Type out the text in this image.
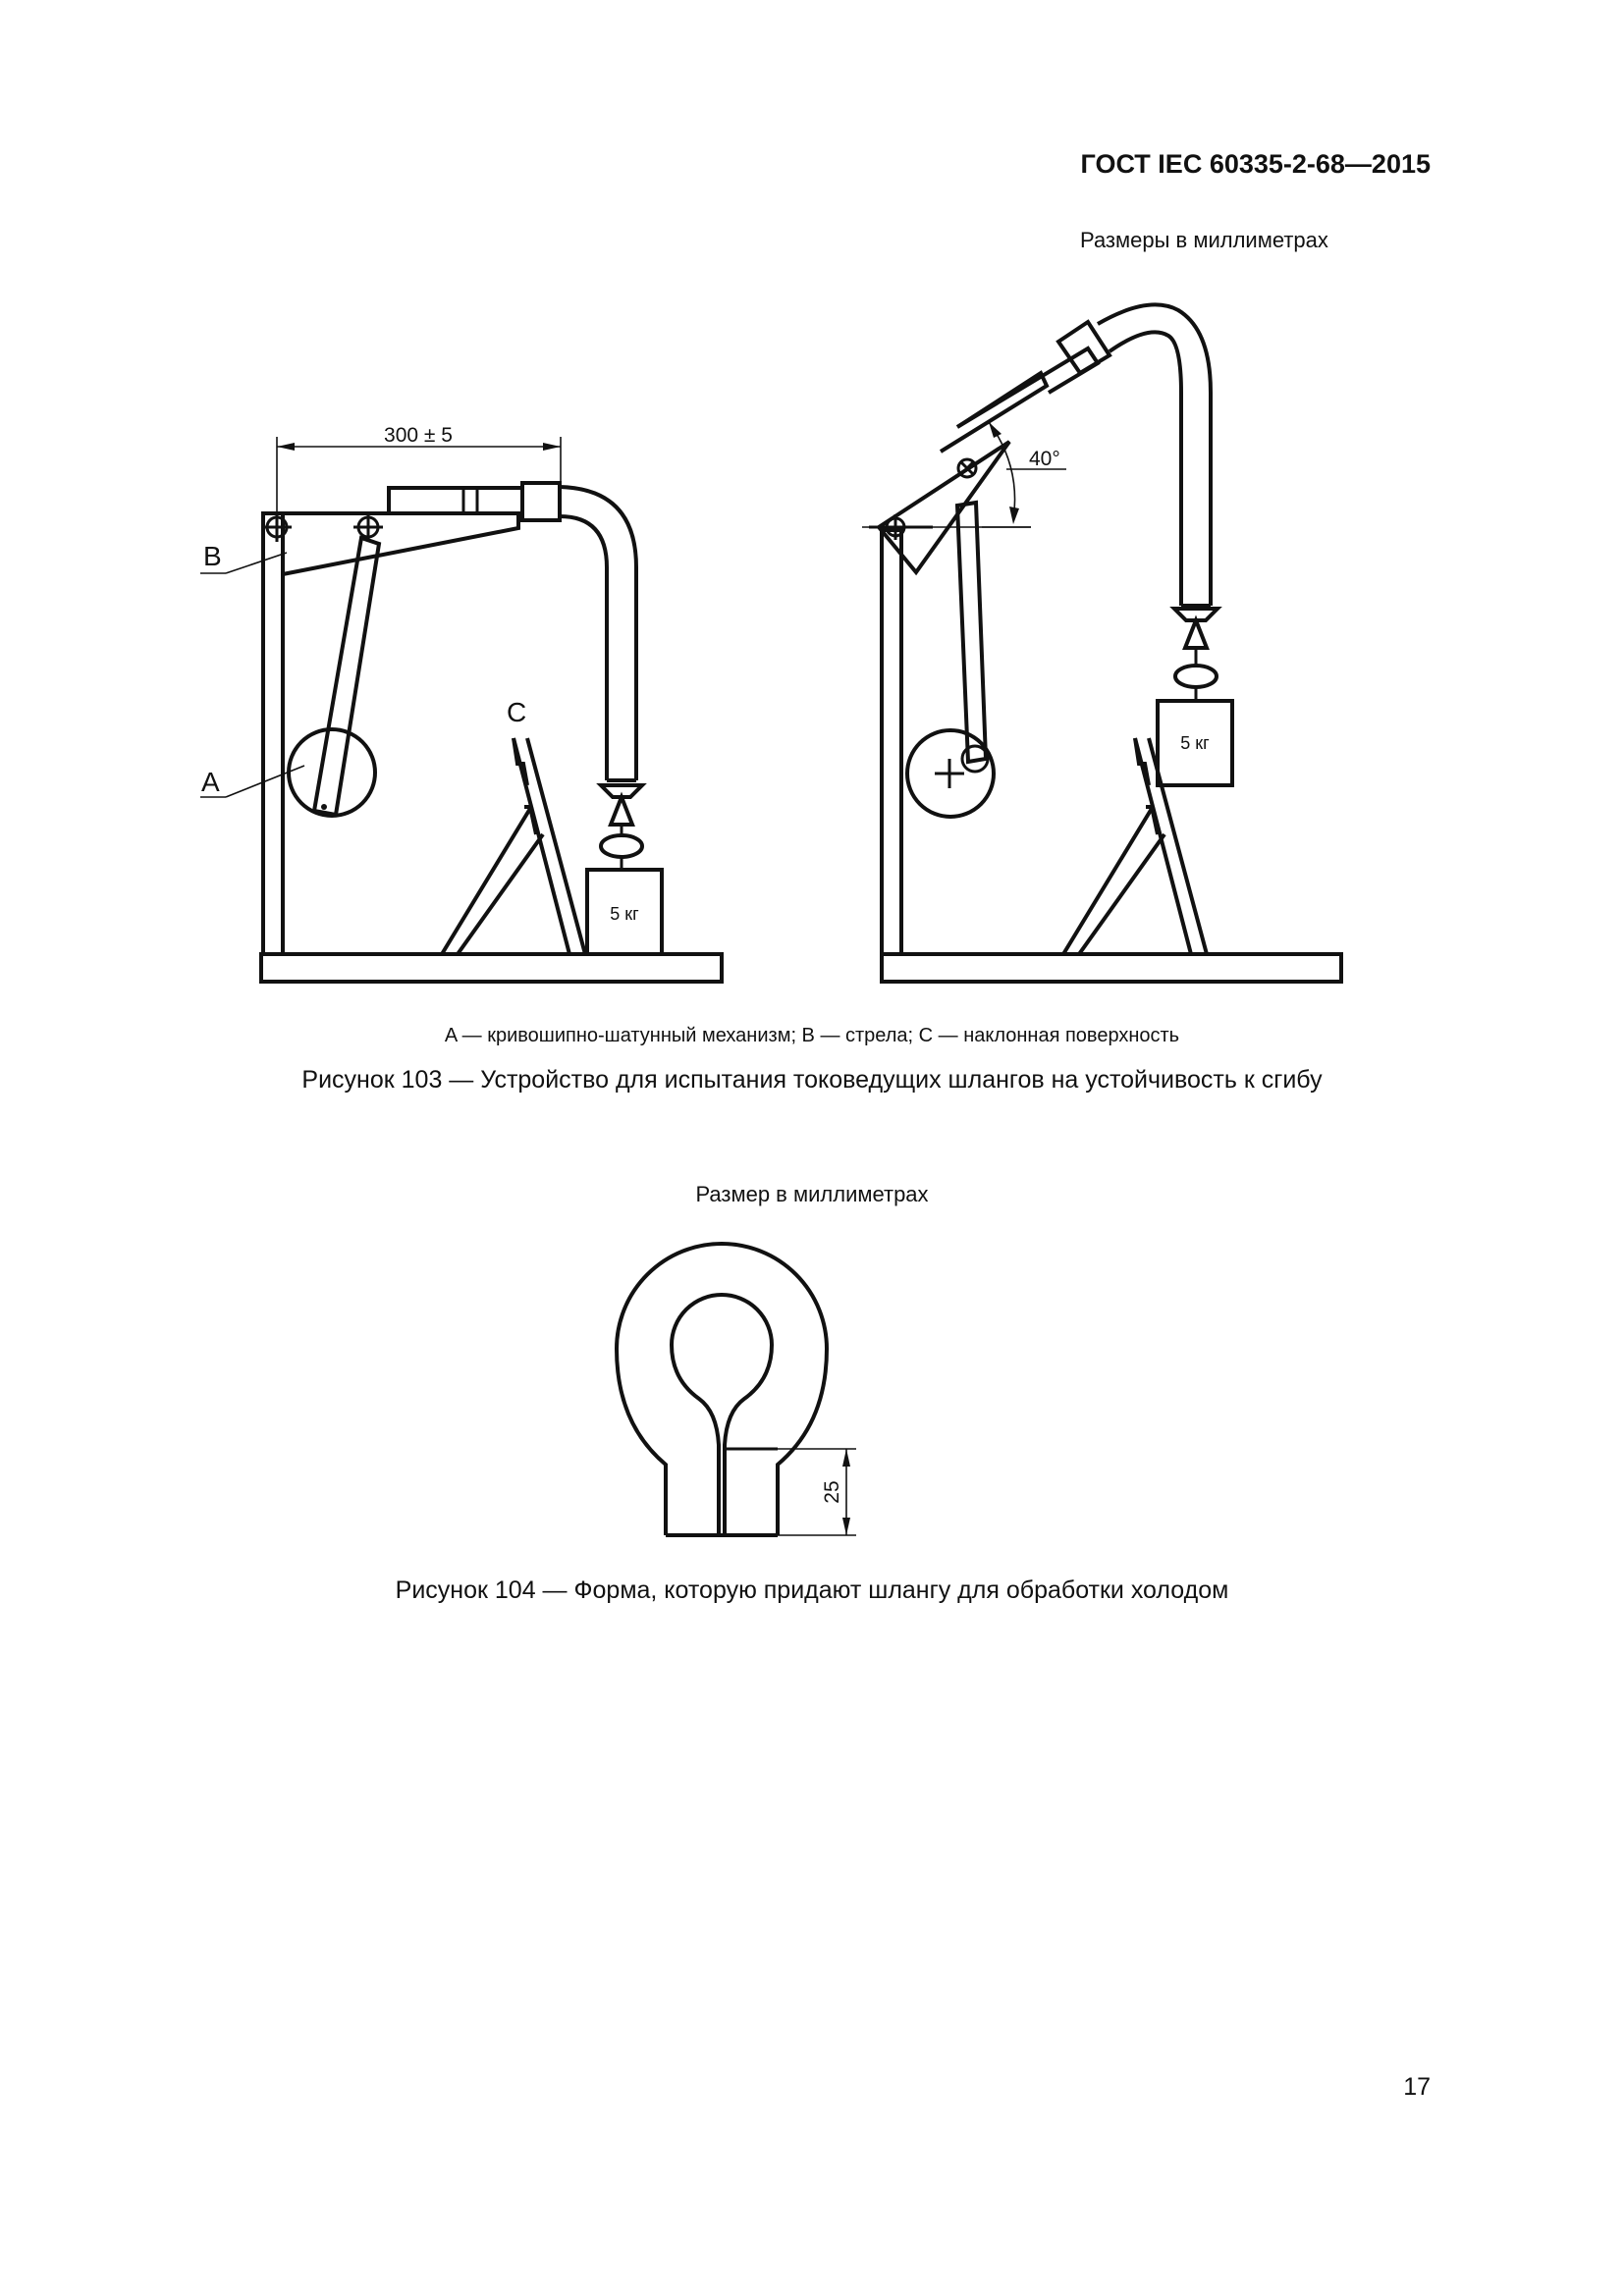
ГОСТ IEC 60335-2-68—2015
Размеры в миллиметрах
5 кг
300 ± 5
B
A
C
5 кг
40°
25
A — кривошипно-шатунный механизм; B — стрела; C — наклонная поверхность
Рисунок 103 — Устройство для испытания токоведущих шлангов на устойчивость к сгибу
Размер в миллиметрах
Рисунок 104 — Форма, которую придают шлангу для обработки холодом
17
